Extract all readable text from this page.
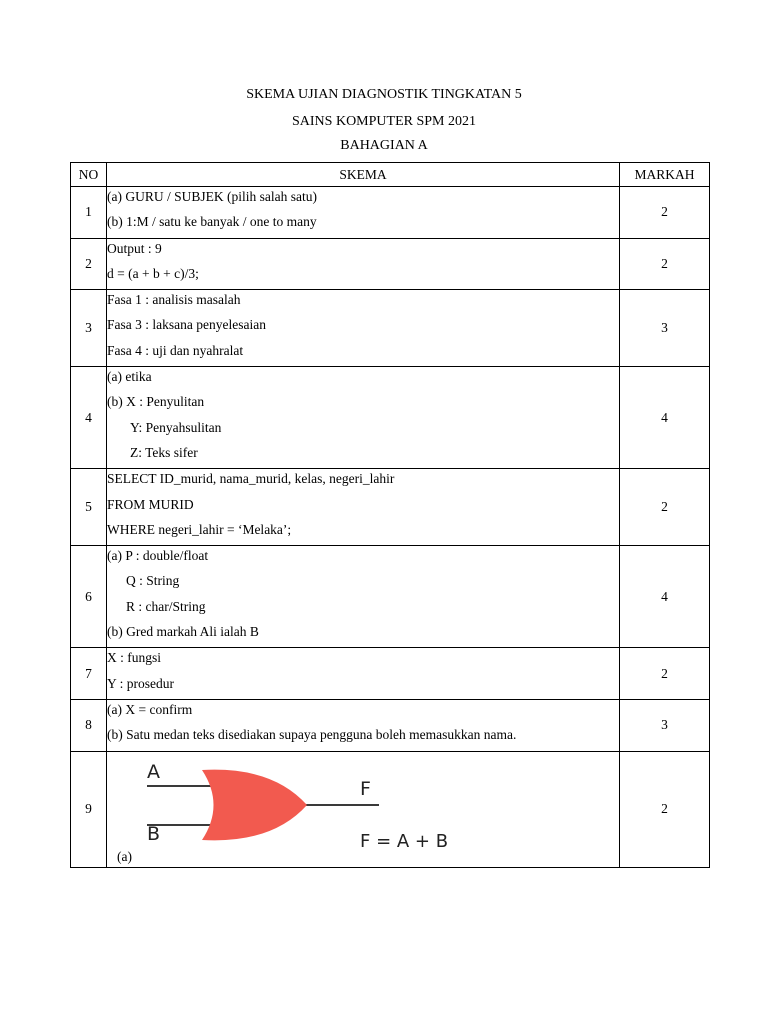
SKEMA UJIAN DIAGNOSTIK TINGKATAN 5
SAINS KOMPUTER SPM 2021
BAHAGIAN A
NO	SKEMA	MARKAH
1	(a) GURU / SUBJEK (pilih salah satu)
(b) 1:M / satu ke banyak / one to many	2
2	Output : 9
d = (a + b + c)/3;	2
3	Fasa 1 : analisis masalah
Fasa 3 : laksana penyelesaian
Fasa 4 : uji dan nyahralat	3
4	(a) etika
(b) X : Penyulitan
Y: Penyahsulitan
Z: Teks sifer	4
5	SELECT ID_murid, nama_murid, kelas, negeri_lahir
FROM MURID
WHERE negeri_lahir = ‘Melaka’;	2
6	(a) P : double/float
Q : String
R : char/String
(b) Gred markah Ali ialah B	4
7	X : fungsi
Y : prosedur	2
8	(a) X = confirm
(b) Satu medan teks disediakan supaya pengguna boleh memasukkan nama.	3
9	A
B
F
F = A + B
(a)	2
